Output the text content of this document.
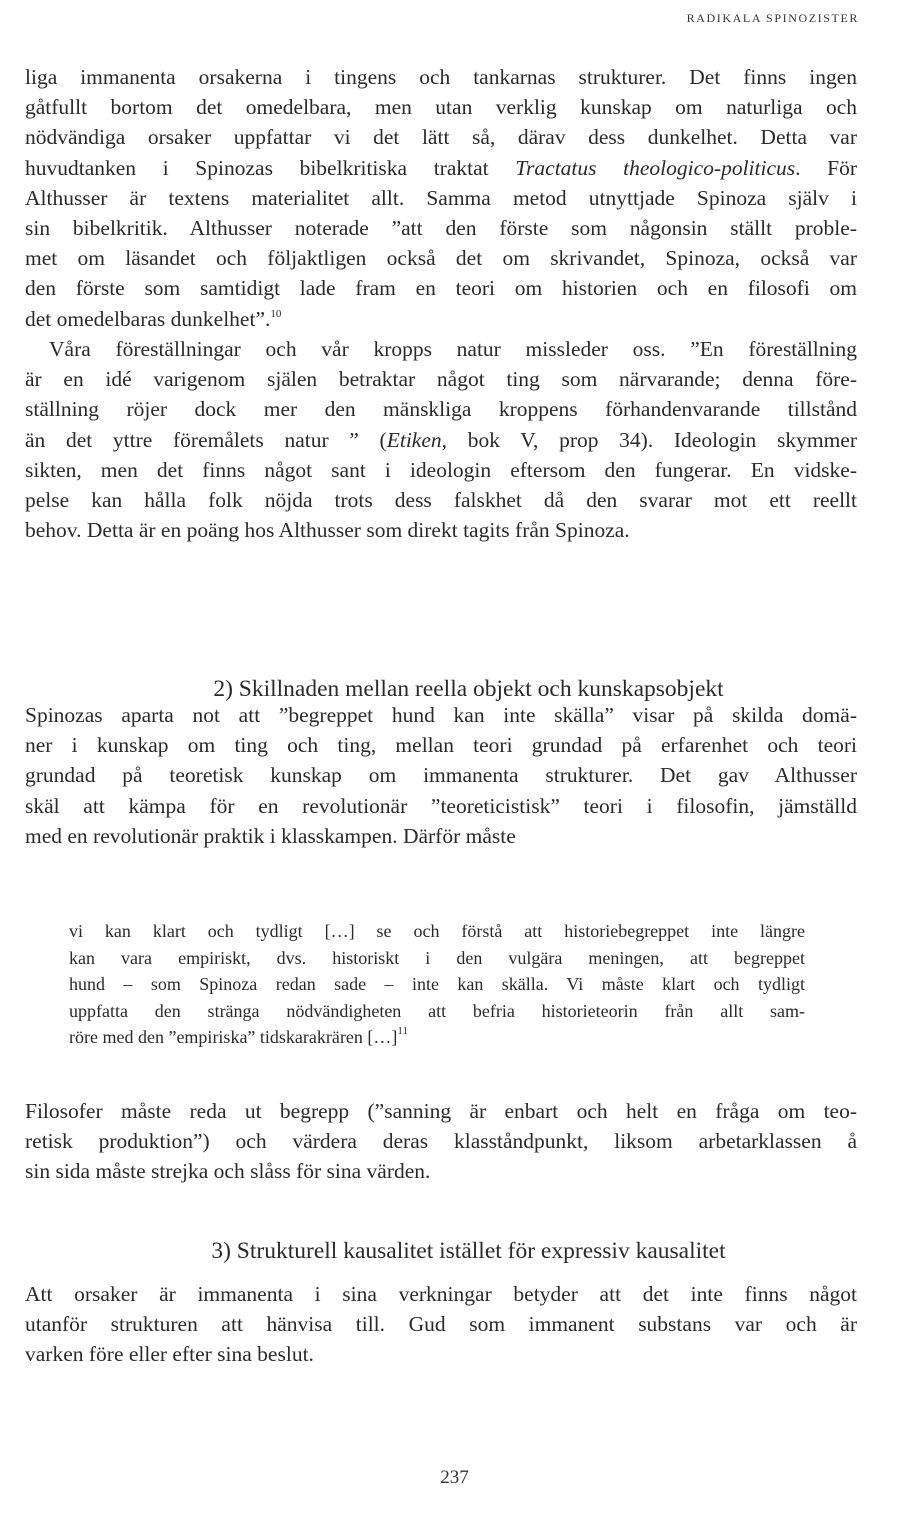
RADIKALA SPINOZISTER
liga immanenta orsakerna i tingens och tankarnas strukturer. Det finns ingen
gåtfullt bortom det omedelbara, men utan verklig kunskap om naturliga och
nödvändiga orsaker uppfattar vi det lätt så, därav dess dunkelhet. Detta var
huvudtanken i Spinozas bibelkritiska traktat Tractatus theologico-politicus. För
Althusser är textens materialitet allt. Samma metod utnyttjade Spinoza själv i
sin bibelkritik. Althusser noterade ”att den förste som någonsin ställt proble-
met om läsandet och följaktligen också det om skrivandet, Spinoza, också var
den förste som samtidigt lade fram en teori om historien och en filosofi om
det omedelbaras dunkelhet”.$^{10}$
Våra föreställningar och vår kropps natur missleder oss. ”En föreställning
är en idé varigenom själen betraktar något ting som närvarande; denna före-
ställning röjer dock mer den mänskliga kroppens förhandenvarande tillstånd
än det yttre föremålets natur ” (Etiken, bok V, prop 34). Ideologin skymmer
sikten, men det finns något sant i ideologin eftersom den fungerar. En vidske-
pelse kan hålla folk nöjda trots dess falskhet då den svarar mot ett reellt
behov. Detta är en poäng hos Althusser som direkt tagits från Spinoza.
2) Skillnaden mellan reella objekt och kunskapsobjekt
Spinozas aparta not att ”begreppet hund kan inte skälla” visar på skilda domä-
ner i kunskap om ting och ting, mellan teori grundad på erfarenhet och teori
grundad på teoretisk kunskap om immanenta strukturer. Det gav Althusser
skäl att kämpa för en revolutionär ”teoreticistisk” teori i filosofin, jämställd
med en revolutionär praktik i klasskampen. Därför måste
vi kan klart och tydligt […] se och förstå att historiebegreppet inte längre
kan vara empiriskt, dvs. historiskt i den vulgära meningen, att begreppet
hund – som Spinoza redan sade – inte kan skälla. Vi måste klart och tydligt
uppfatta den stränga nödvändigheten att befria historieteorin från allt sam-
röre med den ”empiriska” tidskarakrären […]$^{11}$
Filosofer måste reda ut begrepp (”sanning är enbart och helt en fråga om teo-
retisk produktion”) och värdera deras klasståndpunkt, liksom arbetarklassen å
sin sida måste strejka och slåss för sina värden.
3) Strukturell kausalitet istället för expressiv kausalitet
Att orsaker är immanenta i sina verkningar betyder att det inte finns något
utanför strukturen att hänvisa till. Gud som immanent substans var och är
varken före eller efter sina beslut.
237
